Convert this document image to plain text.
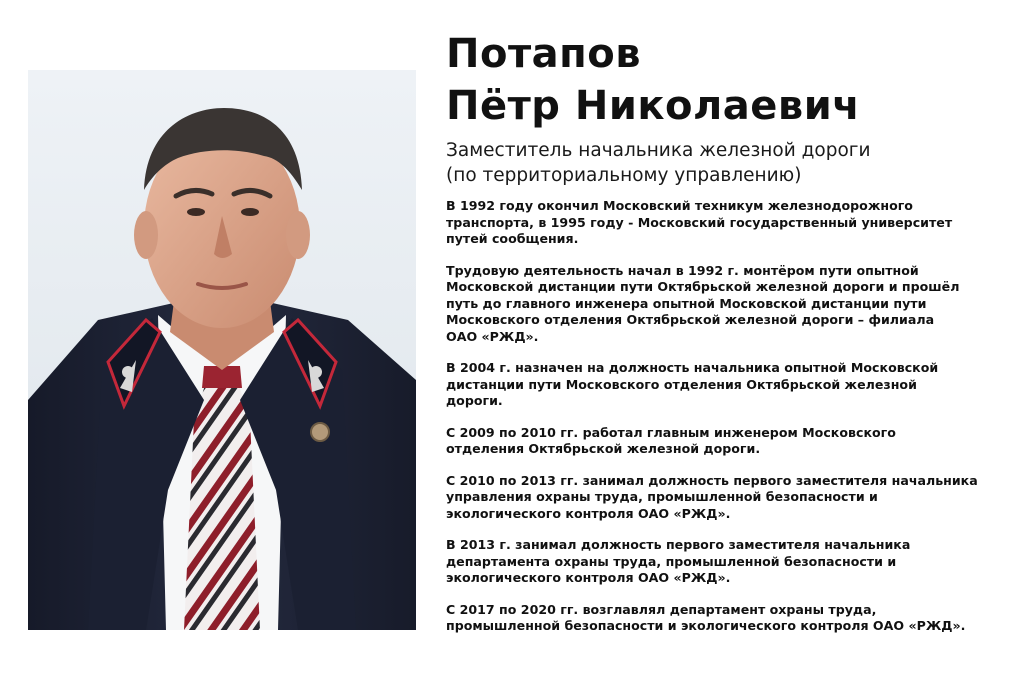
Потапов
Пётр Николаевич
Заместитель начальника железной дороги
(по территориальному управлению)

В 1992 году окончил Московский техникум железнодорожного
транспорта, в 1995 году - Московский государственный университет
путей сообщения.

Трудовую деятельность начал в 1992 г. монтёром пути опытной
Московской дистанции пути Октябрьской железной дороги и прошёл
путь до главного инженера опытной Московской дистанции пути
Московского отделения Октябрьской железной дороги – филиала
ОАО «РЖД».

В 2004 г. назначен на должность начальника опытной Московской
дистанции пути Московского отделения Октябрьской железной
дороги.

С 2009 по 2010 гг. работал главным инженером Московского
отделения Октябрьской железной дороги.

С 2010 по 2013 гг. занимал должность первого заместителя начальника
управления охраны труда, промышленной безопасности и
экологического контроля ОАО «РЖД».

В 2013 г. занимал должность первого заместителя начальника
департамента охраны труда, промышленной безопасности и
экологического контроля ОАО «РЖД».

С 2017 по 2020 гг. возглавлял департамент охраны труда,
промышленной безопасности и экологического контроля ОАО «РЖД».
